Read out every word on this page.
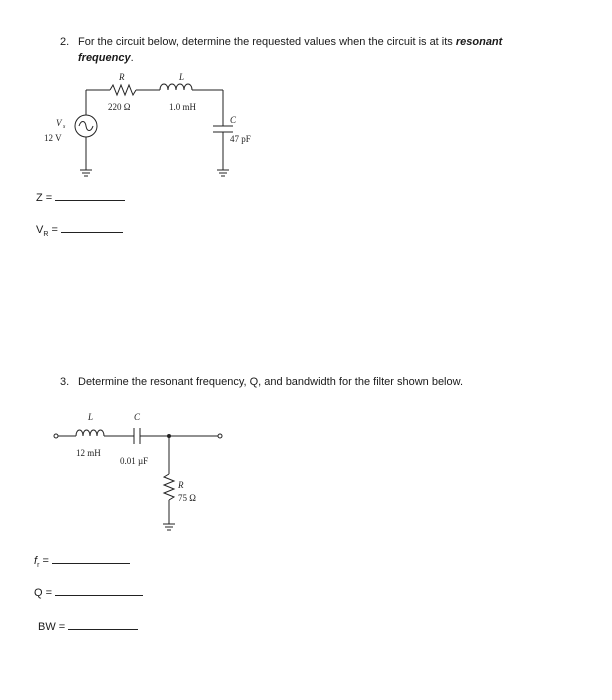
2. For the circuit below, determine the requested values when the circuit is at its resonant
frequency.
R
220 Ω
L
1.0 mH
C
47 pF
V s
12 V
Z =
$V_R$ =
3. Determine the resonant frequency, Q, and bandwidth for the filter shown below.
L
12 mH
C
0.01 µF
R
75 Ω
$f_r$ =
Q =
BW =
